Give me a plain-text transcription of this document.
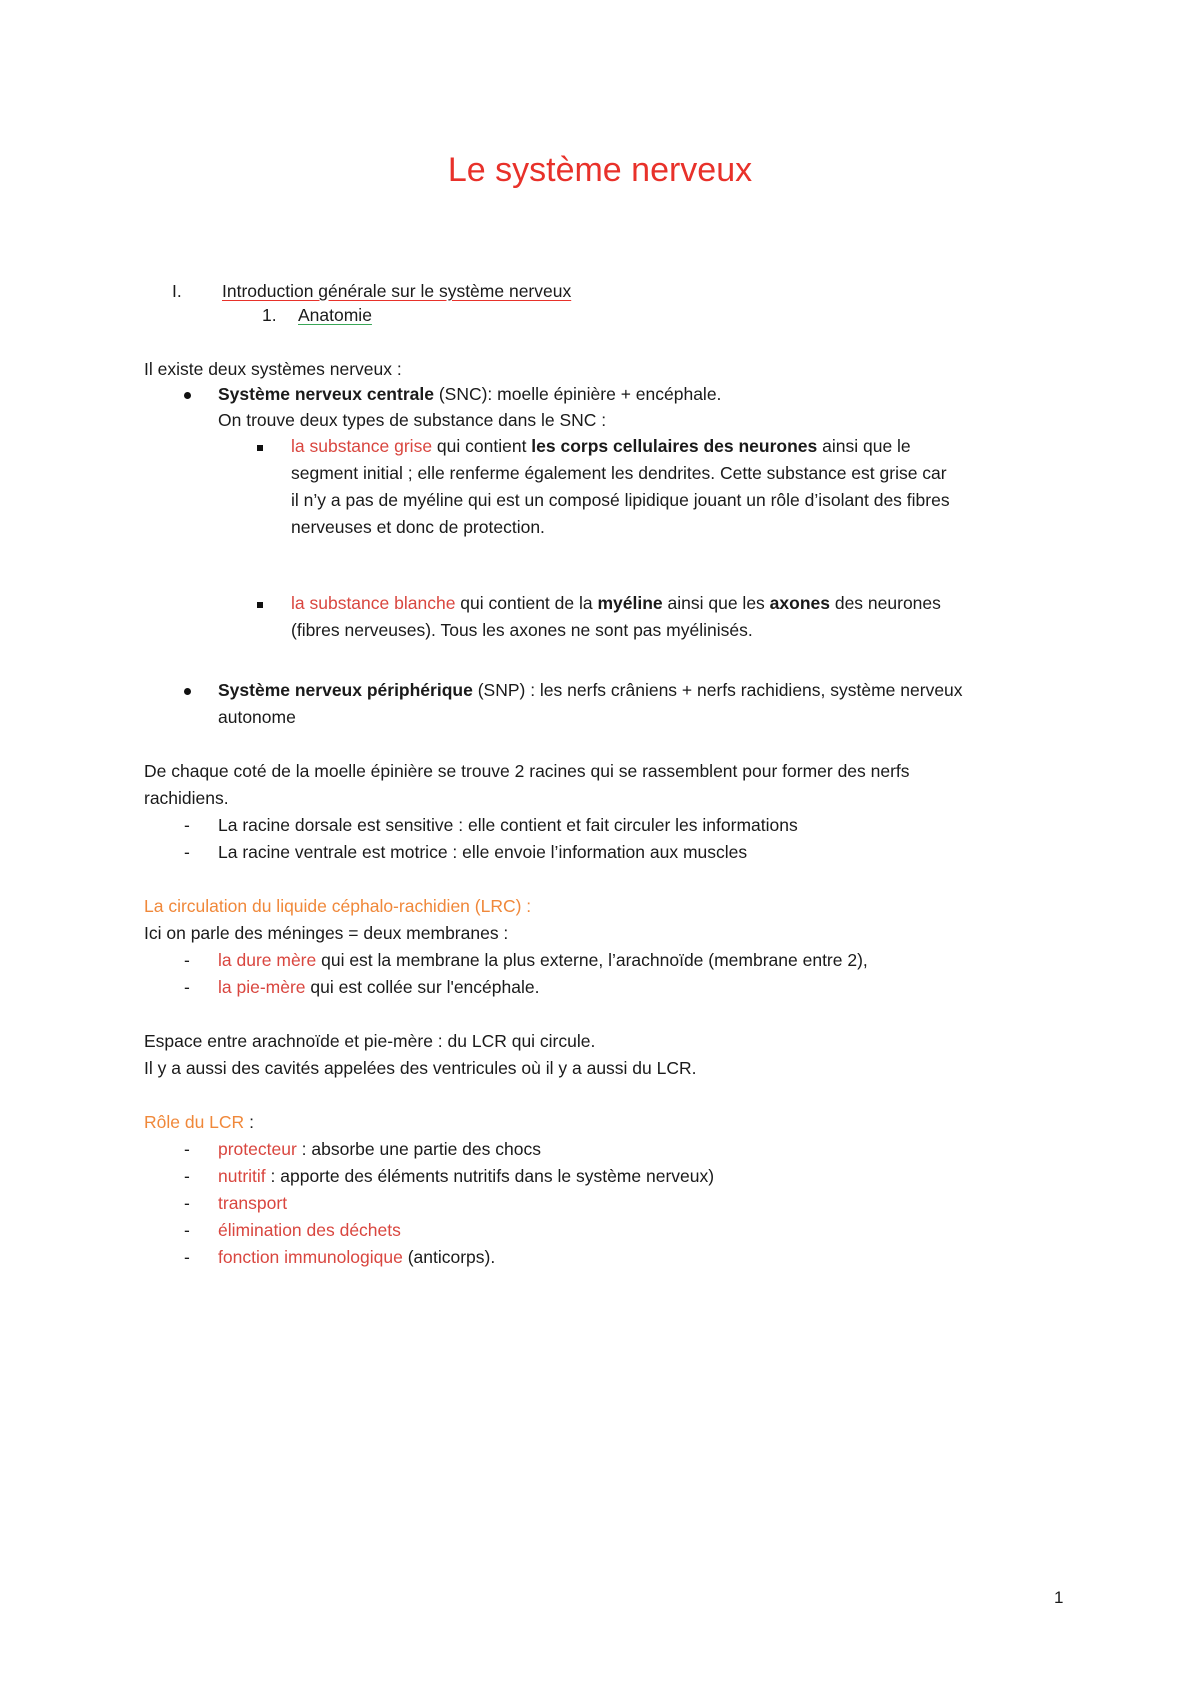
Le système nerveux
I. Introduction générale sur le système nerveux
1. Anatomie
Il existe deux systèmes nerveux :
Système nerveux centrale (SNC): moelle épinière + encéphale.
On trouve deux types de substance dans le SNC :
la substance grise qui contient les corps cellulaires des neurones ainsi que le
segment initial ; elle renferme également les dendrites. Cette substance est grise car
il n’y a pas de myéline qui est un composé lipidique jouant un rôle d’isolant des fibres
nerveuses et donc de protection.
la substance blanche qui contient de la myéline ainsi que les axones des neurones
(fibres nerveuses). Tous les axones ne sont pas myélinisés.
Système nerveux périphérique (SNP) : les nerfs crâniens + nerfs rachidiens, système nerveux
autonome
De chaque coté de la moelle épinière se trouve 2 racines qui se rassemblent pour former des nerfs
rachidiens.
- La racine dorsale est sensitive : elle contient et fait circuler les informations
- La racine ventrale est motrice : elle envoie l’information aux muscles
La circulation du liquide céphalo-rachidien (LRC) :
Ici on parle des méninges = deux membranes :
- la dure mère qui est la membrane la plus externe, l’arachnoïde (membrane entre 2),
- la pie-mère qui est collée sur l'encéphale.
Espace entre arachnoïde et pie-mère : du LCR qui circule.
Il y a aussi des cavités appelées des ventricules où il y a aussi du LCR.
Rôle du LCR :
- protecteur : absorbe une partie des chocs
- nutritif : apporte des éléments nutritifs dans le système nerveux)
- transport
- élimination des déchets
- fonction immunologique (anticorps).
1
